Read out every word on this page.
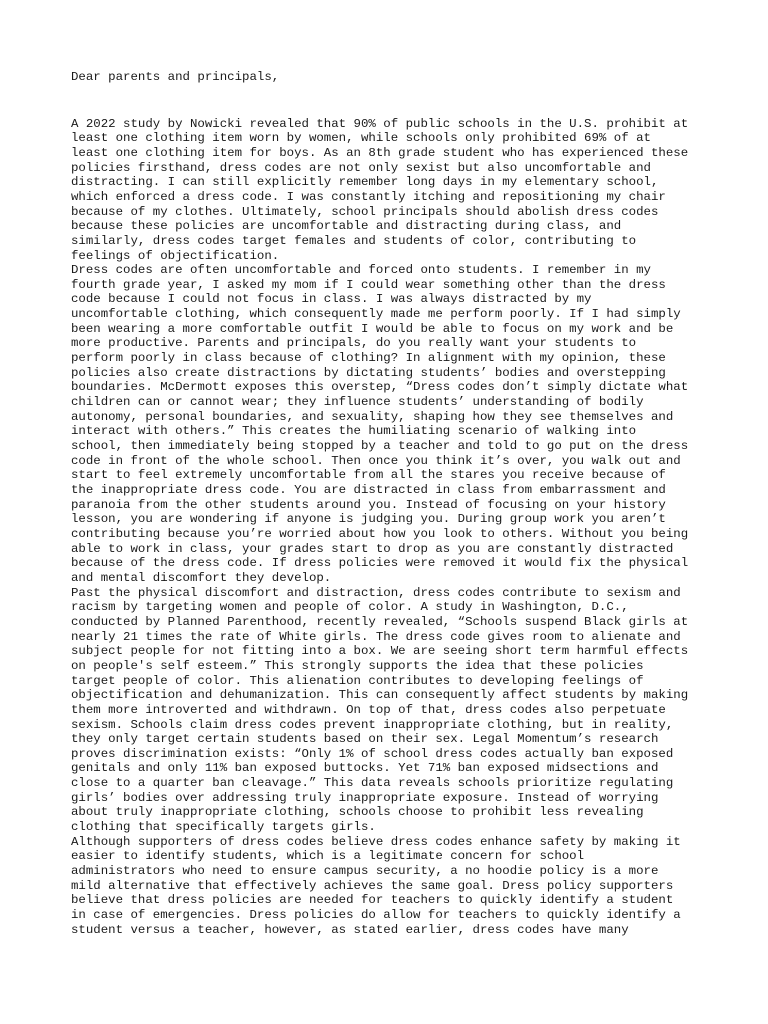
Dear parents and principals,

A 2022 study by Nowicki revealed that 90% of public schools in the U.S. prohibit at

least one clothing item worn by women, while schools only prohibited 69% of at

least one clothing item for boys. As an 8th grade student who has experienced these

policies firsthand, dress codes are not only sexist but also uncomfortable and

distracting. I can still explicitly remember long days in my elementary school,

which enforced a dress code. I was constantly itching and repositioning my chair

because of my clothes. Ultimately, school principals should abolish dress codes

because these policies are uncomfortable and distracting during class, and

similarly, dress codes target females and students of color, contributing to

feelings of objectification.

Dress codes are often uncomfortable and forced onto students. I remember in my

fourth grade year, I asked my mom if I could wear something other than the dress

code because I could not focus in class. I was always distracted by my

uncomfortable clothing, which consequently made me perform poorly. If I had simply

been wearing a more comfortable outfit I would be able to focus on my work and be

more productive. Parents and principals, do you really want your students to

perform poorly in class because of clothing? In alignment with my opinion, these

policies also create distractions by dictating students’ bodies and overstepping

boundaries. McDermott exposes this overstep, “Dress codes don’t simply dictate what

children can or cannot wear; they influence students’ understanding of bodily

autonomy, personal boundaries, and sexuality, shaping how they see themselves and

interact with others.” This creates the humiliating scenario of walking into

school, then immediately being stopped by a teacher and told to go put on the dress

code in front of the whole school. Then once you think it’s over, you walk out and

start to feel extremely uncomfortable from all the stares you receive because of

the inappropriate dress code. You are distracted in class from embarrassment and

paranoia from the other students around you. Instead of focusing on your history

lesson, you are wondering if anyone is judging you. During group work you aren’t

contributing because you’re worried about how you look to others. Without you being

able to work in class, your grades start to drop as you are constantly distracted

because of the dress code. If dress policies were removed it would fix the physical

and mental discomfort they develop.

Past the physical discomfort and distraction, dress codes contribute to sexism and

racism by targeting women and people of color. A study in Washington, D.C.,

conducted by Planned Parenthood, recently revealed, “Schools suspend Black girls at

nearly 21 times the rate of White girls. The dress code gives room to alienate and

subject people for not fitting into a box. We are seeing short term harmful effects

on people's self esteem.” This strongly supports the idea that these policies

target people of color. This alienation contributes to developing feelings of

objectification and dehumanization. This can consequently affect students by making

them more introverted and withdrawn. On top of that, dress codes also perpetuate

sexism. Schools claim dress codes prevent inappropriate clothing, but in reality,

they only target certain students based on their sex. Legal Momentum’s research

proves discrimination exists: “Only 1% of school dress codes actually ban exposed

genitals and only 11% ban exposed buttocks. Yet 71% ban exposed midsections and

close to a quarter ban cleavage.” This data reveals schools prioritize regulating

girls’ bodies over addressing truly inappropriate exposure. Instead of worrying

about truly inappropriate clothing, schools choose to prohibit less revealing

clothing that specifically targets girls.

Although supporters of dress codes believe dress codes enhance safety by making it

easier to identify students, which is a legitimate concern for school

administrators who need to ensure campus security, a no hoodie policy is a more

mild alternative that effectively achieves the same goal. Dress policy supporters

believe that dress policies are needed for teachers to quickly identify a student

in case of emergencies. Dress policies do allow for teachers to quickly identify a

student versus a teacher, however, as stated earlier, dress codes have many
